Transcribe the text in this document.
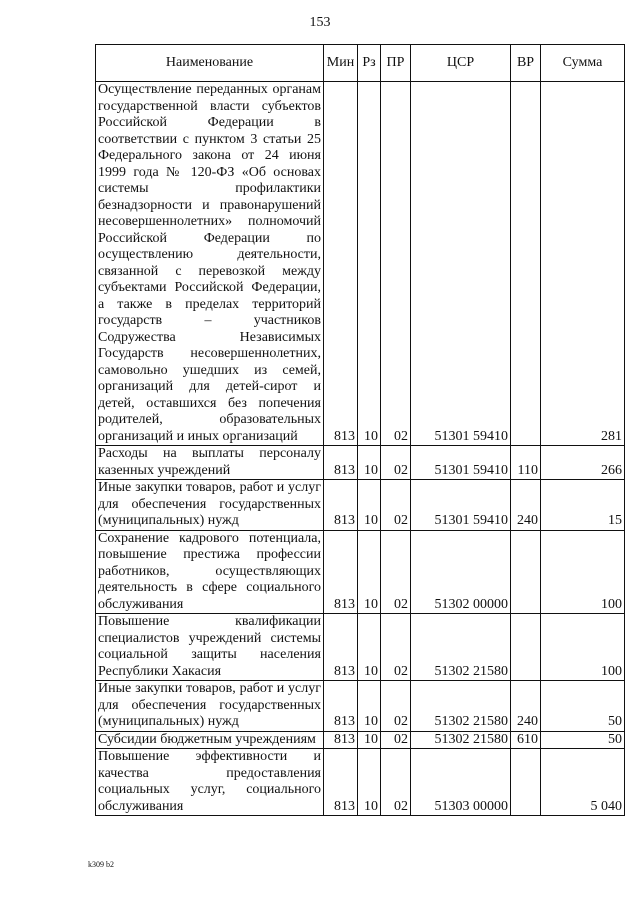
153
Наименование	Мин	Рз	ПР	ЦСР	ВР	Сумма
Осуществление переданных органам государственной власти субъектов Российской Федерации в соответствии с пунктом 3 статьи 25 Федерального закона от 24 июня 1999 года № 120-ФЗ «Об основах системы профилактики безнадзорности и правонарушений несовершеннолетних» полномочий Российской Федерации по осуществлению деятельности, связанной с перевозкой между субъектами Российской Федерации, а также в пределах территорий государств – участников Содружества Независимых Государств несовершеннолетних, самовольно ушедших из семей, организаций для детей-сирот и детей, оставшихся без попечения родителей, образовательных организаций и иных организаций	813	10	02	51301 59410		281
Расходы на выплаты персоналу казенных учреждений	813	10	02	51301 59410	110	266
Иные закупки товаров, работ и услуг для обеспечения государственных (муниципальных) нужд	813	10	02	51301 59410	240	15
Сохранение кадрового потенциала, повышение престижа профессии работников, осуществляющих деятельность в сфере социального обслуживания	813	10	02	51302 00000		100
Повышение квалификации специалистов учреждений системы социальной защиты населения Республики Хакасия	813	10	02	51302 21580		100
Иные закупки товаров, работ и услуг для обеспечения государственных (муниципальных) нужд	813	10	02	51302 21580	240	50
Субсидии бюджетным учреждениям	813	10	02	51302 21580	610	50
Повышение эффективности и качества предоставления социальных услуг, социального обслуживания	813	10	02	51303 00000		5 040
k309 b2
